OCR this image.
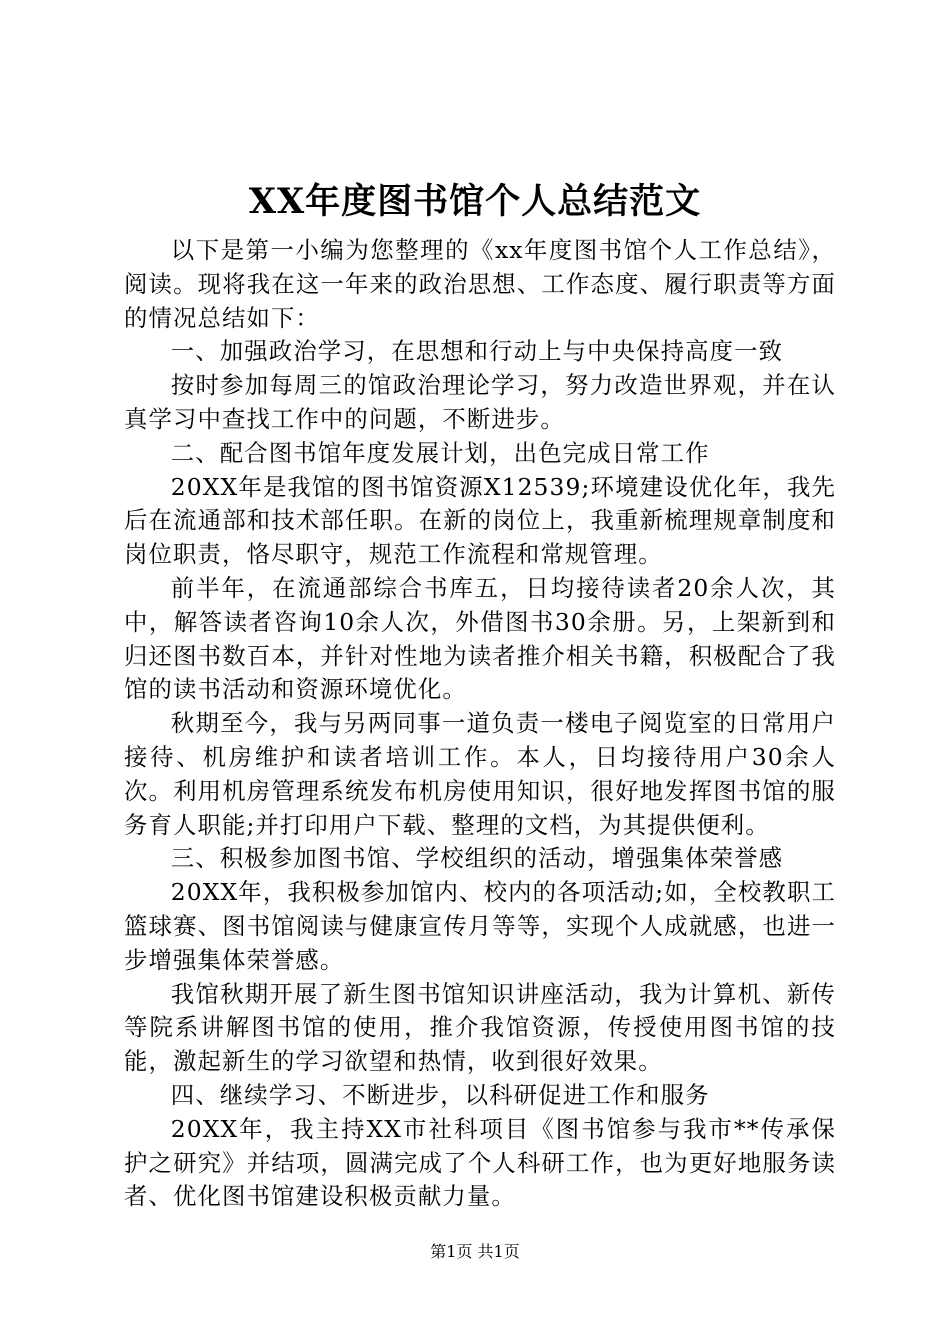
XX年度图书馆个人总结范文

以下是第一小编为您整理的《xx年度图书馆个人工作总结》，阅读。现将我在这一年来的政治思想、工作态度、履行职责等方面的情况总结如下：

一、加强政治学习，在思想和行动上与中央保持高度一致

按时参加每周三的馆政治理论学习，努力改造世界观，并在认真学习中查找工作中的问题，不断进步。

二、配合图书馆年度发展计划，出色完成日常工作

20XX年是我馆的图书馆资源X12539;环境建设优化年，我先后在流通部和技术部任职。在新的岗位上，我重新梳理规章制度和岗位职责，恪尽职守，规范工作流程和常规管理。

前半年，在流通部综合书库五，日均接待读者20余人次，其中，解答读者咨询10余人次，外借图书30余册。另，上架新到和归还图书数百本，并针对性地为读者推介相关书籍，积极配合了我馆的读书活动和资源环境优化。

秋期至今，我与另两同事一道负责一楼电子阅览室的日常用户接待、机房维护和读者培训工作。本人，日均接待用户30余人次。利用机房管理系统发布机房使用知识，很好地发挥图书馆的服务育人职能;并打印用户下载、整理的文档，为其提供便利。

三、积极参加图书馆、学校组织的活动，增强集体荣誉感

20XX年，我积极参加馆内、校内的各项活动;如，全校教职工篮球赛、图书馆阅读与健康宣传月等等，实现个人成就感，也进一步增强集体荣誉感。

我馆秋期开展了新生图书馆知识讲座活动，我为计算机、新传等院系讲解图书馆的使用，推介我馆资源，传授使用图书馆的技能，激起新生的学习欲望和热情，收到很好效果。

四、继续学习、不断进步，以科研促进工作和服务

20XX年，我主持XX市社科项目《图书馆参与我市**传承保护之研究》并结项，圆满完成了个人科研工作，也为更好地服务读者、优化图书馆建设积极贡献力量。

第1页 共1页
